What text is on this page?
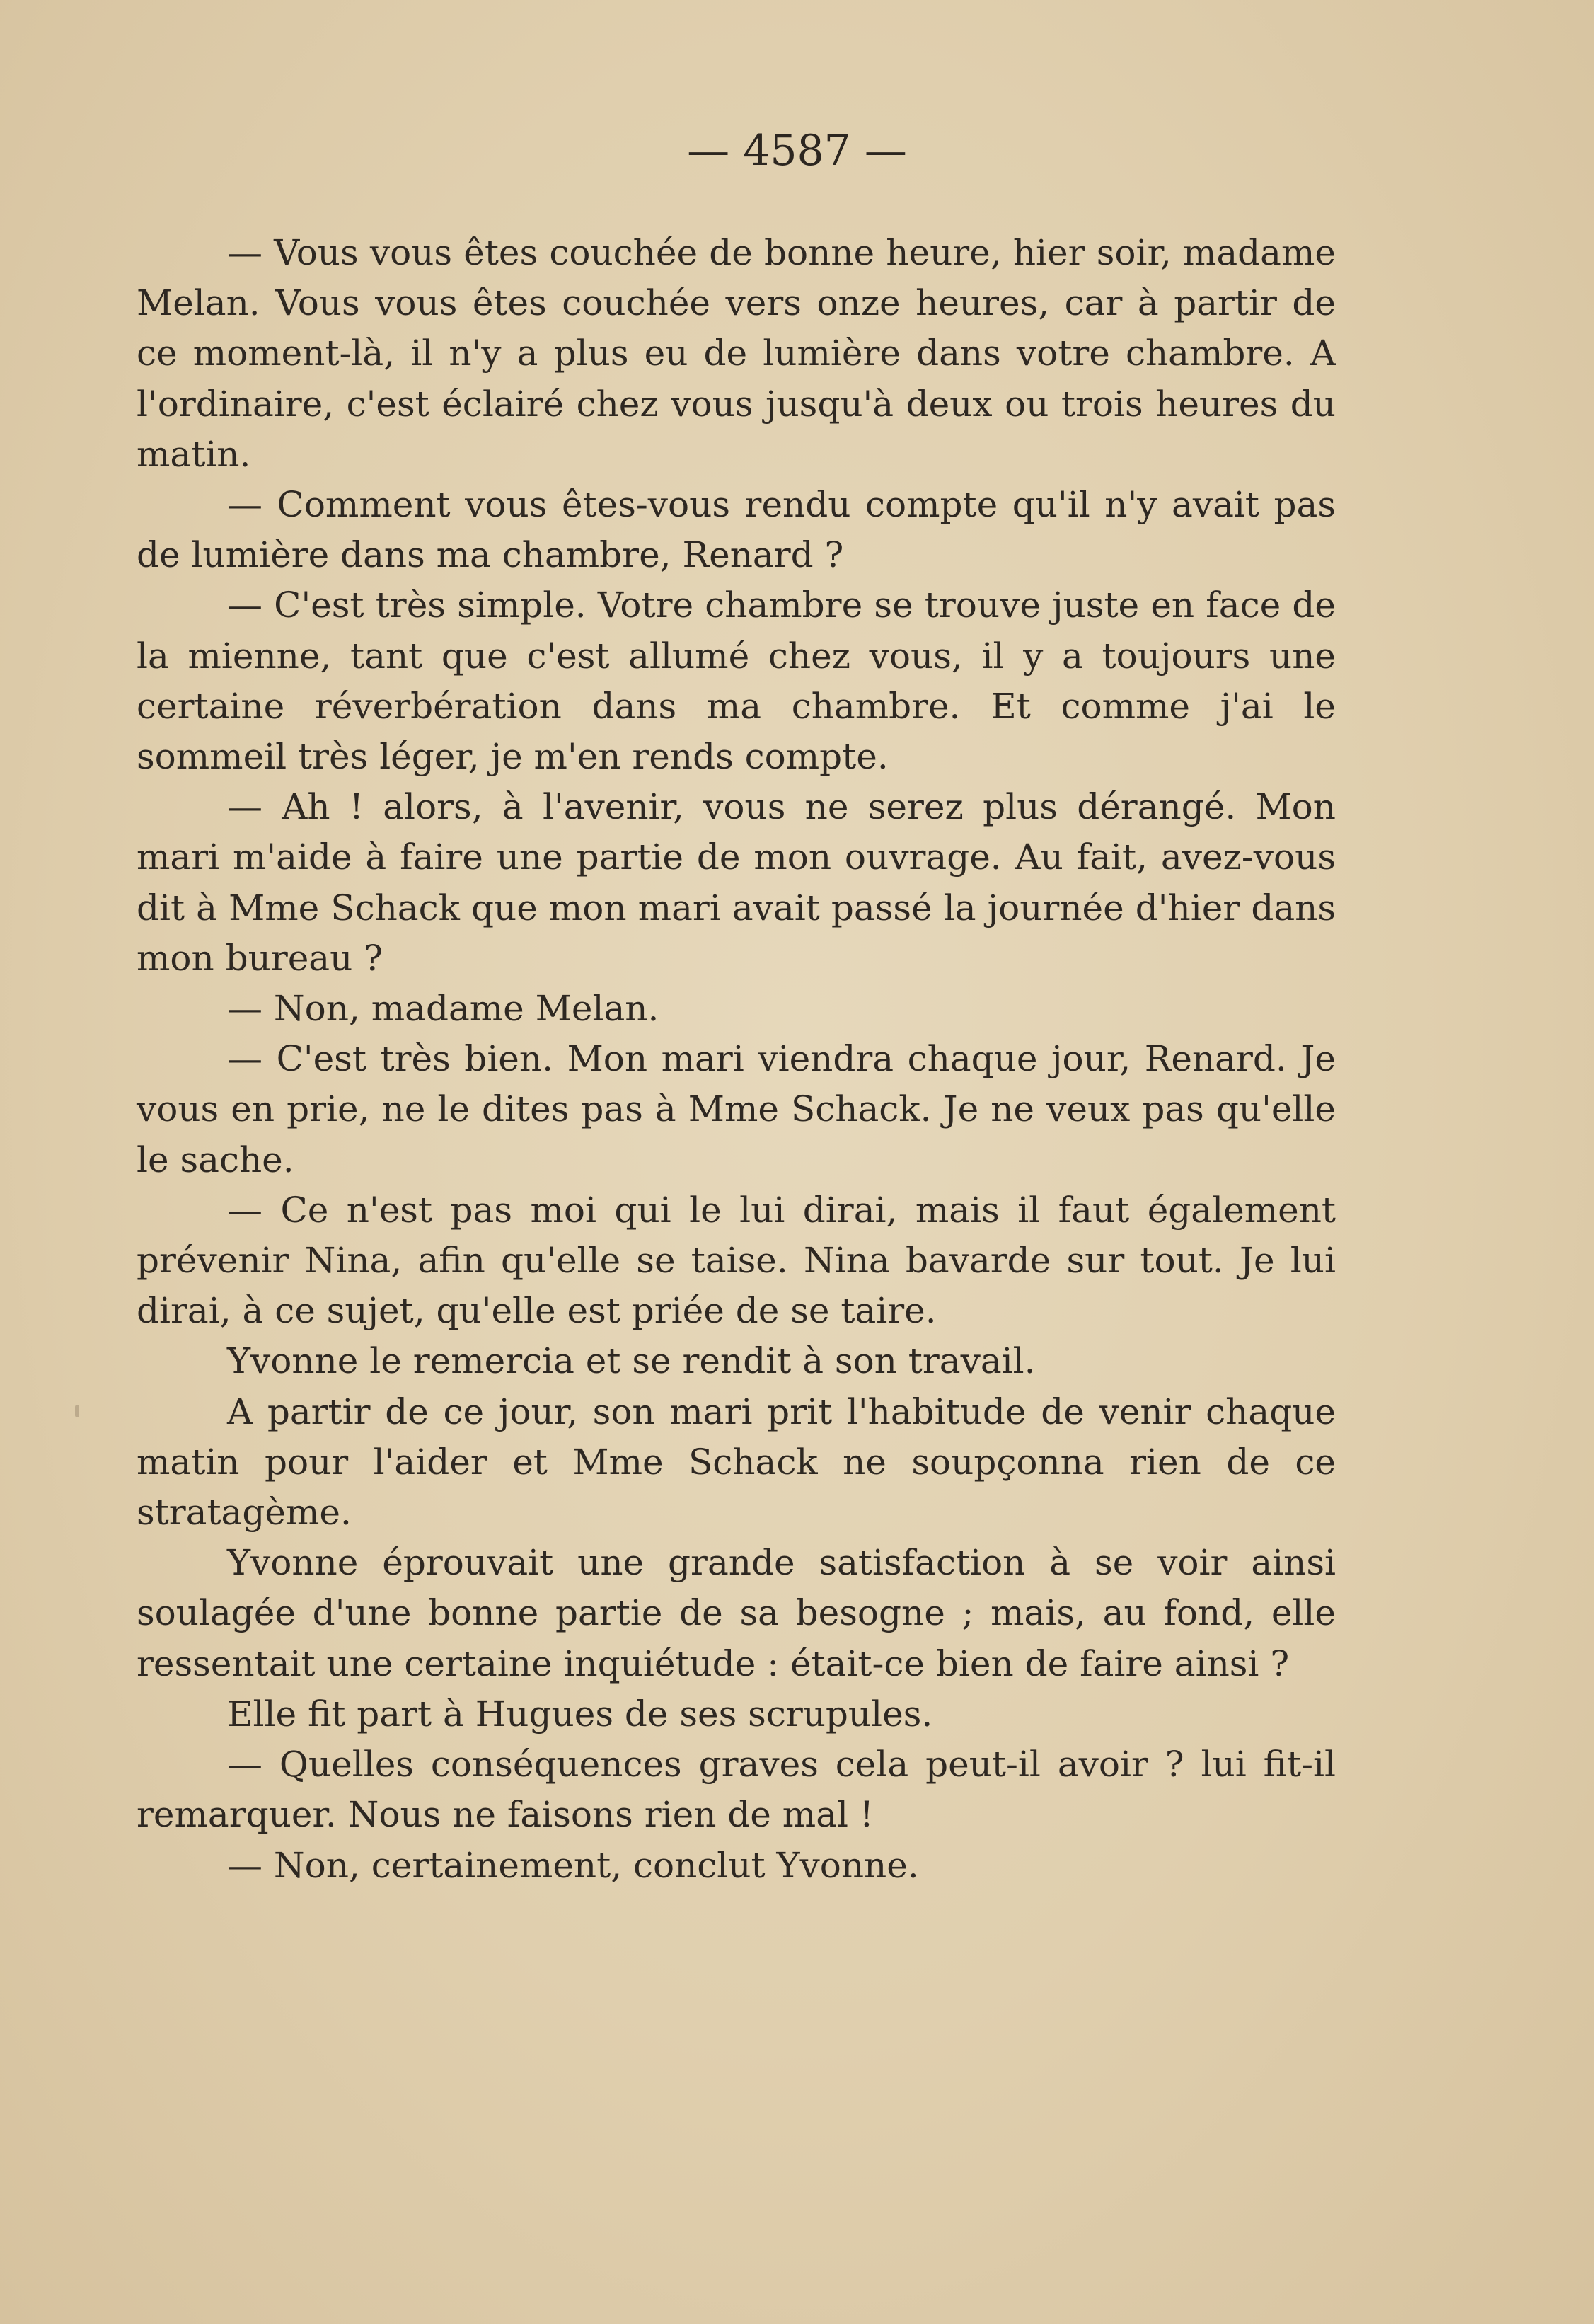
— 4587 —

— Vous vous êtes couchée de bonne heure, hier soir, madame Melan. Vous vous êtes couchée vers onze heures, car à partir de ce moment-là, il n'y a plus eu de lumière dans votre chambre. A l'ordinaire, c'est éclairé chez vous jusqu'à deux ou trois heures du matin.

— Comment vous êtes-vous rendu compte qu'il n'y avait pas de lumière dans ma chambre, Renard ?

— C'est très simple. Votre chambre se trouve juste en face de la mienne, tant que c'est allumé chez vous, il y a toujours une certaine réverbération dans ma chambre. Et comme j'ai le sommeil très léger, je m'en rends compte.

— Ah ! alors, à l'avenir, vous ne serez plus dérangé. Mon mari m'aide à faire une partie de mon ouvrage. Au fait, avez-vous dit à Mme Schack que mon mari avait passé la journée d'hier dans mon bureau ?

— Non, madame Melan.

— C'est très bien. Mon mari viendra chaque jour, Renard. Je vous en prie, ne le dites pas à Mme Schack. Je ne veux pas qu'elle le sache.

— Ce n'est pas moi qui le lui dirai, mais il faut également prévenir Nina, afin qu'elle se taise. Nina bavarde sur tout. Je lui dirai, à ce sujet, qu'elle est priée de se taire.

Yvonne le remercia et se rendit à son travail.

A partir de ce jour, son mari prit l'habitude de venir chaque matin pour l'aider et Mme Schack ne soupçonna rien de ce stratagème.

Yvonne éprouvait une grande satisfaction à se voir ainsi soulagée d'une bonne partie de sa besogne ; mais, au fond, elle ressentait une certaine inquiétude : était-ce bien de faire ainsi ?

Elle fit part à Hugues de ses scrupules.

— Quelles conséquences graves cela peut-il avoir ? lui fit-il remarquer. Nous ne faisons rien de mal !

— Non, certainement, conclut Yvonne.
